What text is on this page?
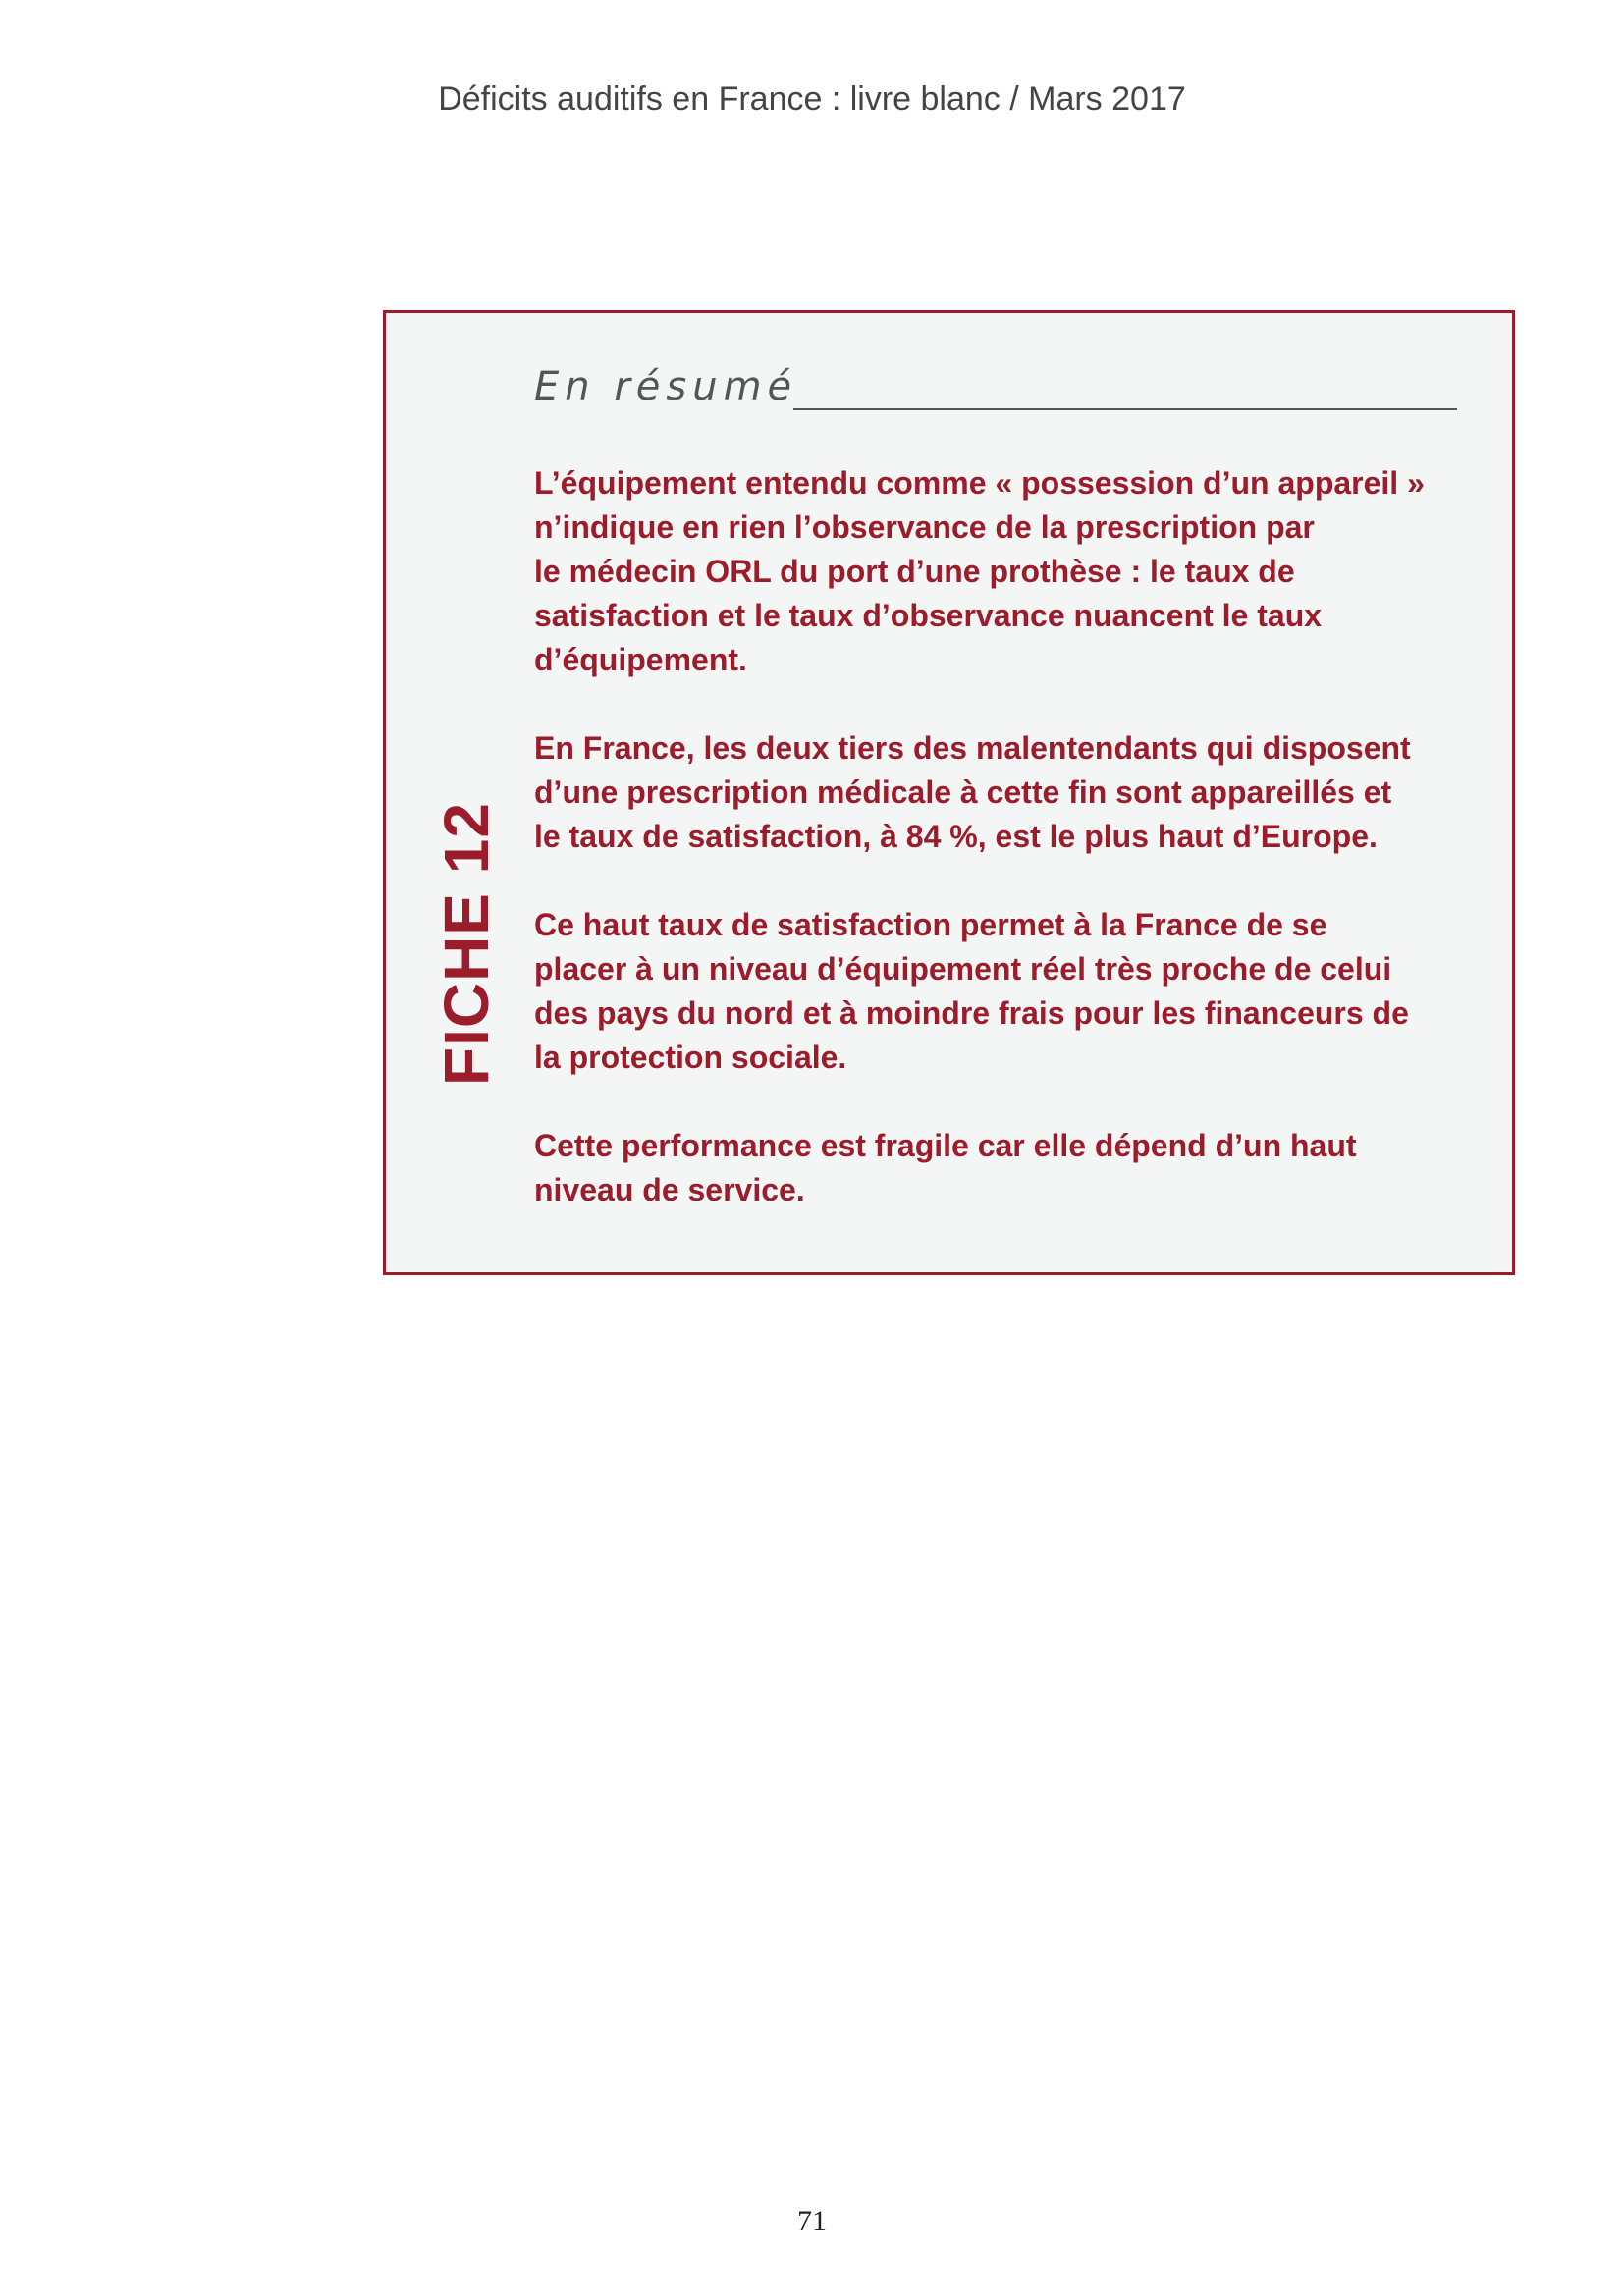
Déficits auditifs en France : livre blanc / Mars 2017
FICHE 12
En résumé

L’équipement entendu comme « possession d’un appareil »
n’indique en rien l’observance de la prescription par
le médecin ORL du port d’une prothèse : le taux de
satisfaction et le taux d’observance nuancent le taux
d’équipement.

En France, les deux tiers des malentendants qui disposent
d’une prescription médicale à cette fin sont appareillés et
le taux de satisfaction, à 84 %, est le plus haut d’Europe.

Ce haut taux de satisfaction permet à la France de se
placer à un niveau d’équipement réel très proche de celui
des pays du nord et à moindre frais pour les financeurs de
la protection sociale.

Cette performance est fragile car elle dépend d’un haut
niveau de service.

71
